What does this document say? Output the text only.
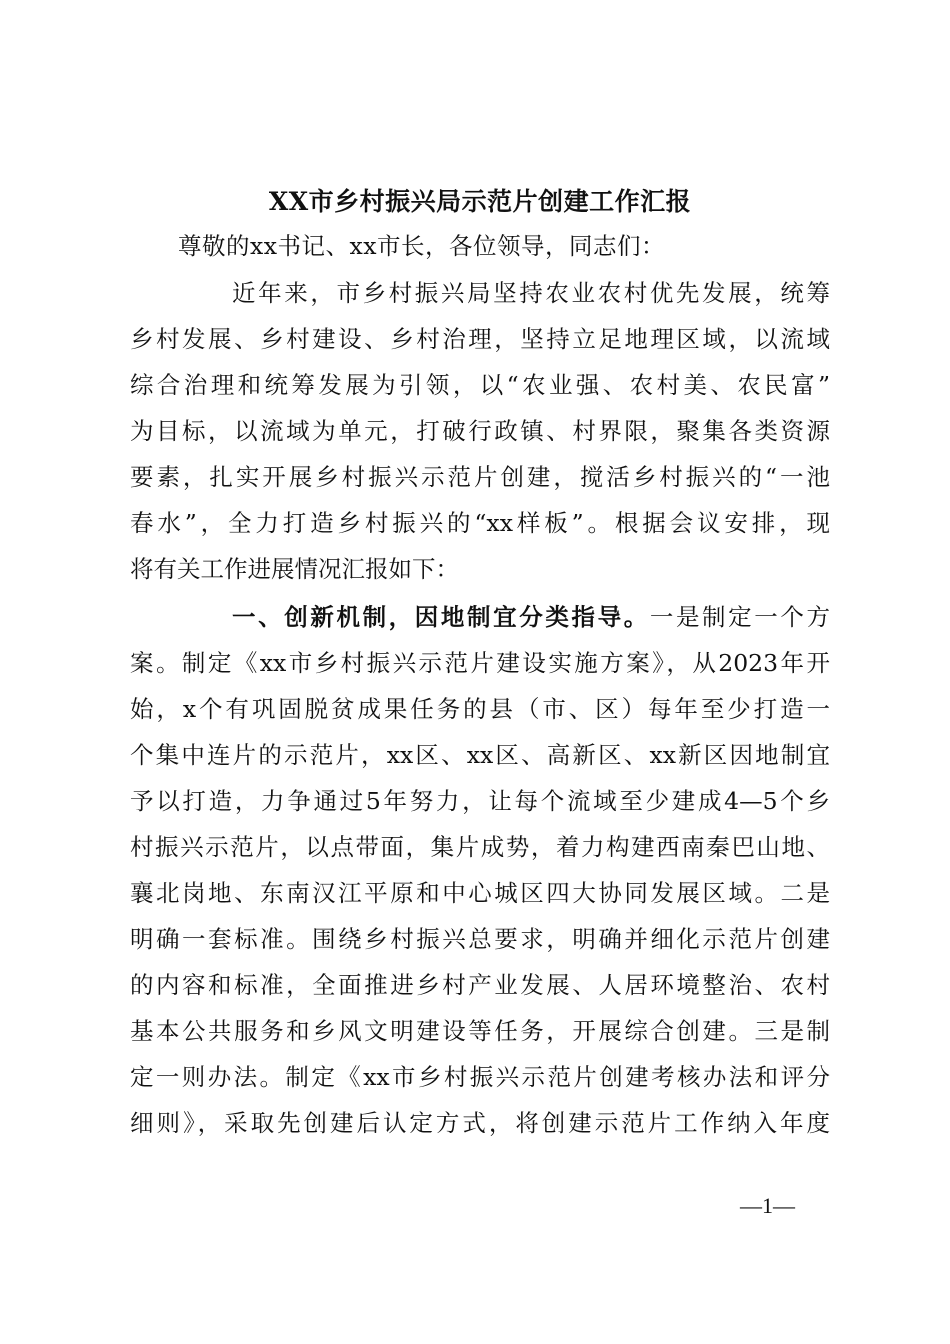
XX市乡村振兴局示范片创建工作汇报
尊敬的xx书记、xx市长，各位领导，同志们：
近年来，市乡村振兴局坚持农业农村优先发展，统筹
乡村发展、乡村建设、乡村治理，坚持立足地理区域，以流域
综合治理和统筹发展为引领，以“农业强、农村美、农民富”
为目标，以流域为单元，打破行政镇、村界限，聚集各类资源
要素，扎实开展乡村振兴示范片创建，搅活乡村振兴的“一池
春水”，全力打造乡村振兴的“xx样板”。根据会议安排，现
将有关工作进展情况汇报如下：
一、创新机制，因地制宜分类指导。一是制定一个方
案。制定《xx市乡村振兴示范片建设实施方案》，从2023年开
始，x个有巩固脱贫成果任务的县（市、区）每年至少打造一
个集中连片的示范片，xx区、xx区、高新区、xx新区因地制宜
予以打造，力争通过5年努力，让每个流域至少建成4—5个乡
村振兴示范片，以点带面，集片成势，着力构建西南秦巴山地、
襄北岗地、东南汉江平原和中心城区四大协同发展区域。二是
明确一套标准。围绕乡村振兴总要求，明确并细化示范片创建
的内容和标准，全面推进乡村产业发展、人居环境整治、农村
基本公共服务和乡风文明建设等任务，开展综合创建。三是制
定一则办法。制定《xx市乡村振兴示范片创建考核办法和评分
细则》，采取先创建后认定方式，将创建示范片工作纳入年度
—1—
